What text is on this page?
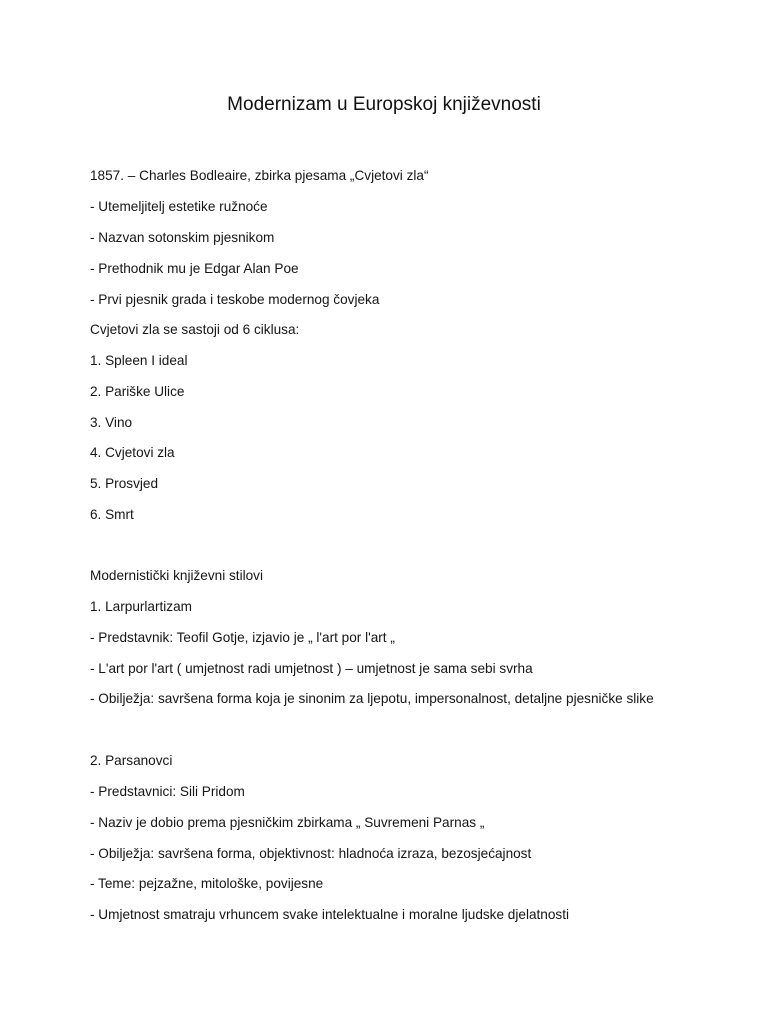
Modernizam u Europskoj književnosti
1857. – Charles Bodleaire, zbirka pjesama „Cvjetovi zla“
- Utemeljitelj estetike ružnoće
- Nazvan sotonskim pjesnikom
- Prethodnik mu je Edgar Alan Poe
- Prvi pjesnik grada i teskobe modernog čovjeka
Cvjetovi zla se sastoji od 6 ciklusa:
1. Spleen I ideal
2. Pariške Ulice
3. Vino
4. Cvjetovi zla
5. Prosvjed
6. Smrt
Modernistički književni stilovi
1. Larpurlartizam
- Predstavnik: Teofil Gotje, izjavio je „ l'art por l'art „
- L'art por l'art ( umjetnost radi umjetnost ) – umjetnost je sama sebi svrha
- Obilježja: savršena forma koja je sinonim za ljepotu, impersonalnost, detaljne pjesničke slike
2. Parsanovci
- Predstavnici: Sili Pridom
- Naziv je dobio prema pjesničkim zbirkama „ Suvremeni Parnas „
- Obilježja: savršena forma, objektivnost: hladnoća izraza, bezosjećajnost
- Teme: pejzažne, mitološke, povijesne
- Umjetnost smatraju vrhuncem svake intelektualne i moralne ljudske djelatnosti
